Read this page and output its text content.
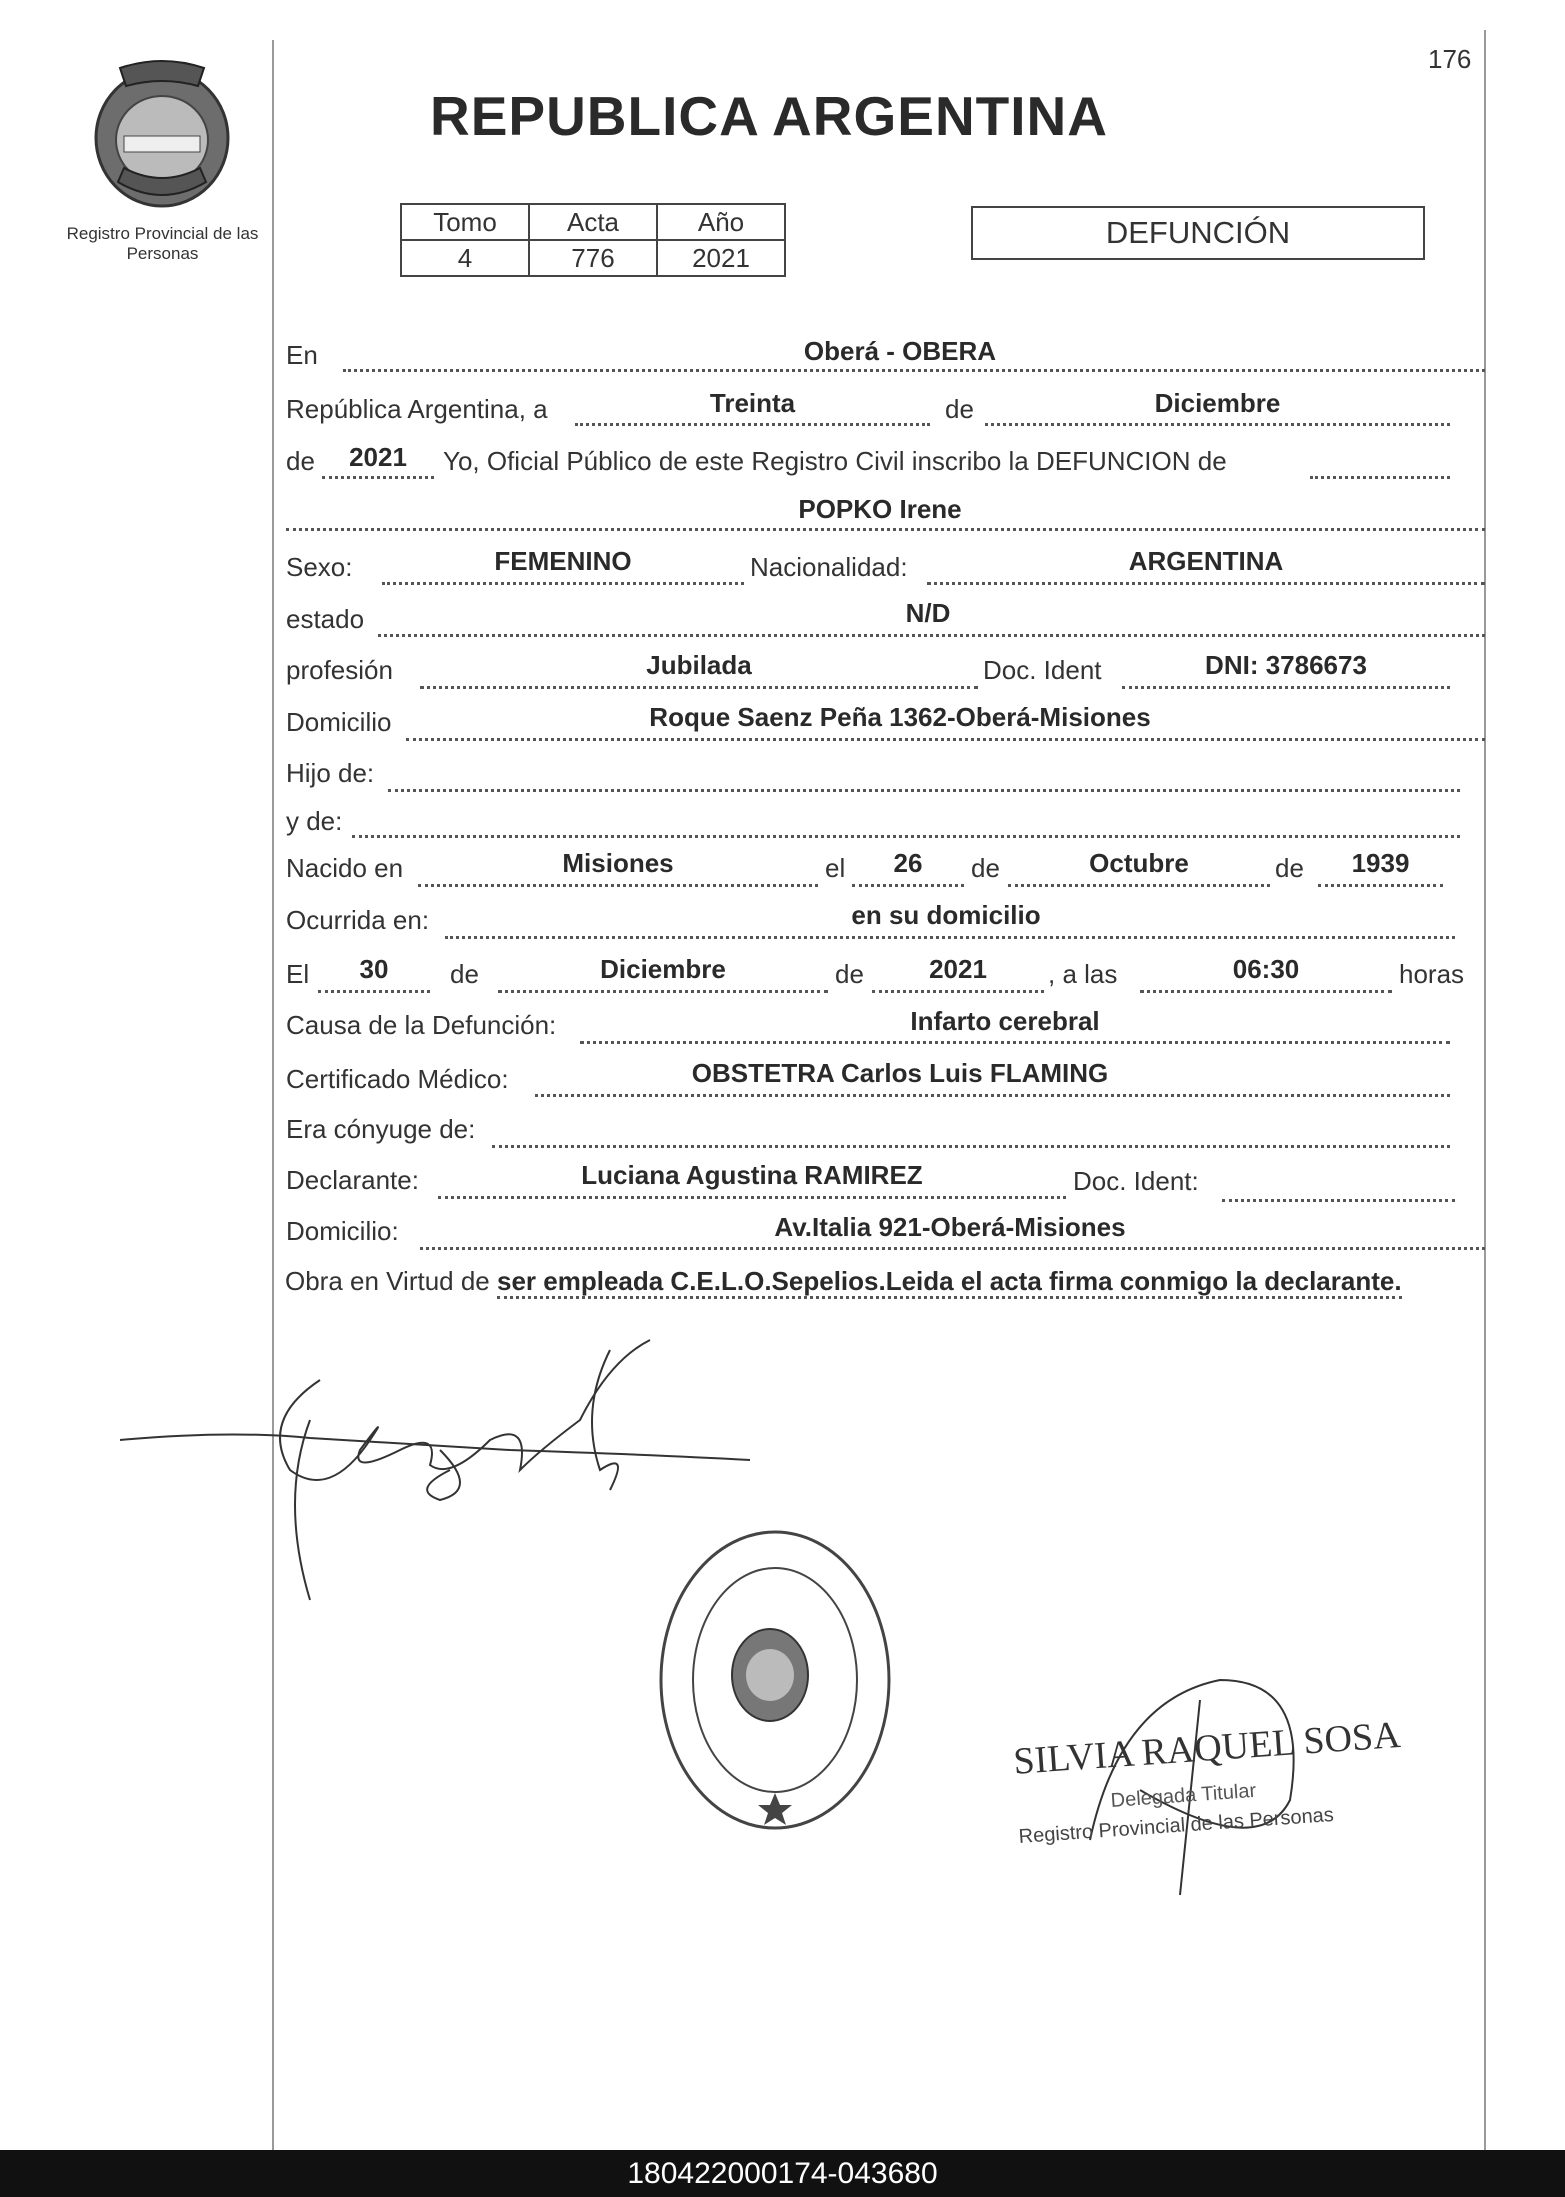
Registro Provincial de las Personas
176
REPUBLICA ARGENTINA
Tomo	Acta	Año
4	776	2021
DEFUNCIÓN
En	Oberá - OBERA
República Argentina, a	Treinta	de	Diciembre
de	2021	Yo, Oficial Público de este Registro Civil inscribo la DEFUNCION de
POPKO Irene
Sexo:	FEMENINO	Nacionalidad:	ARGENTINA
estado	N/D
profesión	Jubilada	Doc. Ident	DNI: 3786673
Domicilio	Roque Saenz Peña 1362-Oberá-Misiones
Hijo de:
y de:
Nacido en	Misiones	el	26	de	Octubre	de	1939
Ocurrida en:	en su domicilio
El	30	de	Diciembre	de	2021	, a las	06:30	horas
Causa de la Defunción:	Infarto cerebral
Certificado Médico:	OBSTETRA Carlos Luis FLAMING
Era cónyuge de:
Declarante:	Luciana Agustina RAMIREZ	Doc. Ident:
Domicilio:	Av.Italia 921-Oberá-Misiones
Obra en Virtud de ser empleada C.E.L.O.Sepelios.Leida el acta firma conmigo la declarante.
SILVIA RAQUEL SOSA
Delegada Titular
Registro Provincial de las Personas
180422000174-043680
